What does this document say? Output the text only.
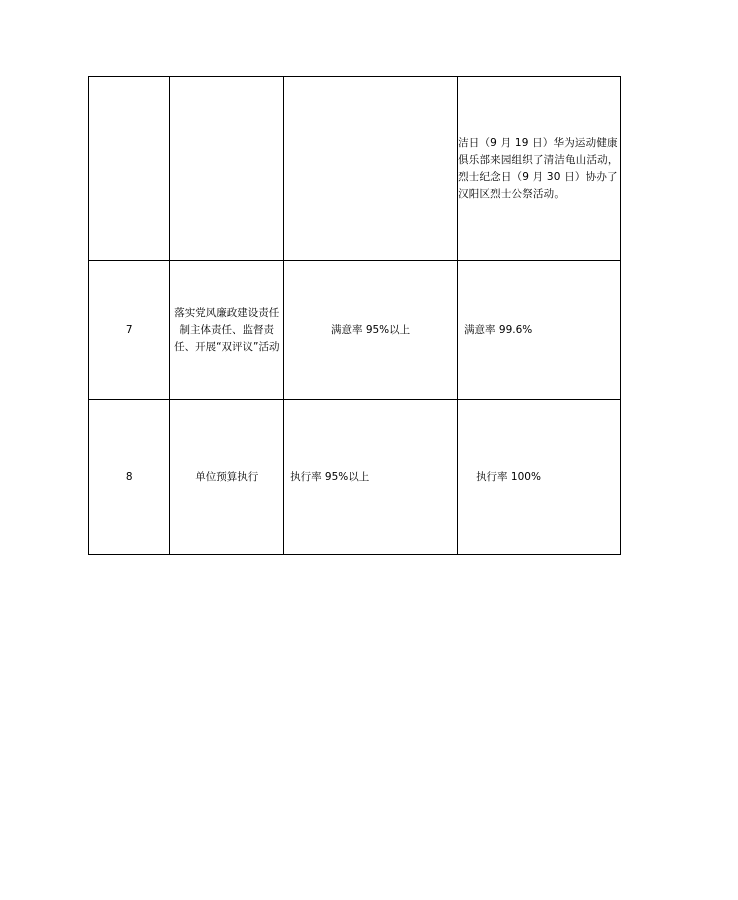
			洁日（9 月 19 日）华为运动健康俱乐部来园组织了清洁龟山活动，烈士纪念日（9 月 30 日）协办了汉阳区烈士公祭活动。
7	落实党风廉政建设责任制主体责任、监督责任、开展“双评议”活动	满意率 95%以上	满意率 99.6%
8	单位预算执行	执行率 95%以上	执行率 100%
